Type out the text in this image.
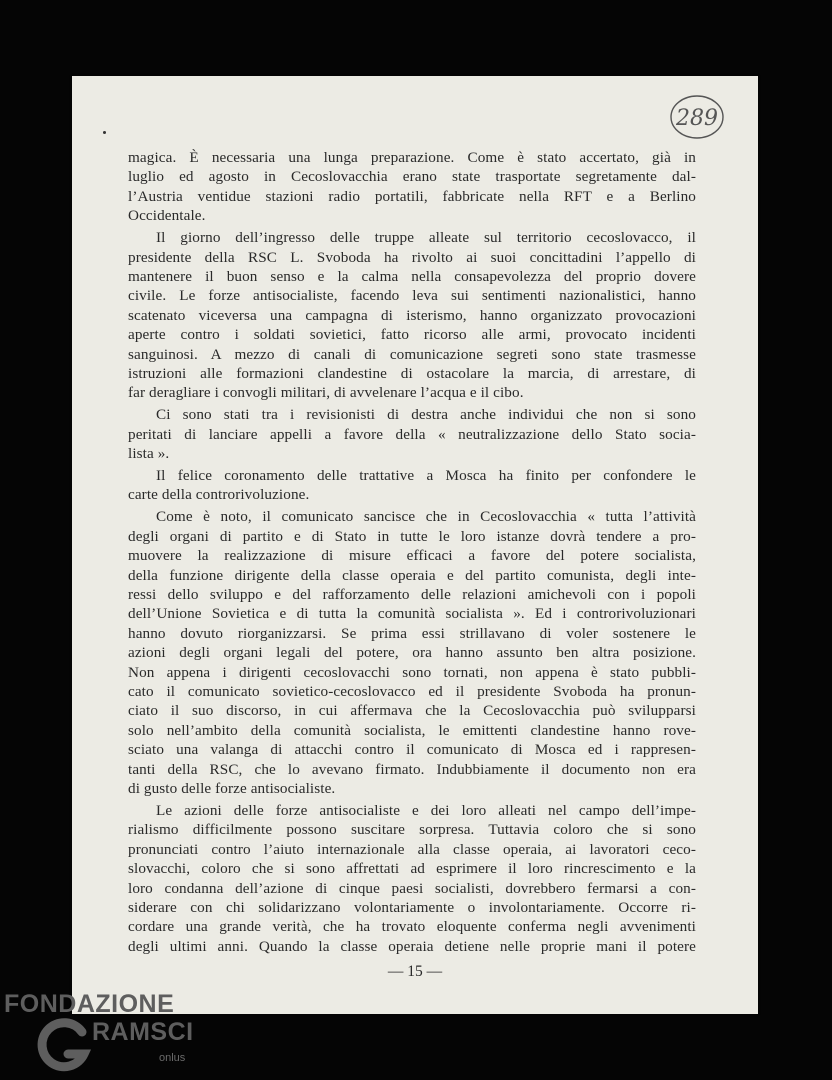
289
magica. È necessaria una lunga preparazione. Come è stato accertato, già in
luglio ed agosto in Cecoslovacchia erano state trasportate segretamente dal-
l’Austria ventidue stazioni radio portatili, fabbricate nella RFT e a Berlino
Occidentale.
Il giorno dell’ingresso delle truppe alleate sul territorio cecoslovacco, il
presidente della RSC L. Svoboda ha rivolto ai suoi concittadini l’appello di
mantenere il buon senso e la calma nella consapevolezza del proprio dovere
civile. Le forze antisocialiste, facendo leva sui sentimenti nazionalistici, hanno
scatenato viceversa una campagna di isterismo, hanno organizzato provocazioni
aperte contro i soldati sovietici, fatto ricorso alle armi, provocato incidenti
sanguinosi. A mezzo di canali di comunicazione segreti sono state trasmesse
istruzioni alle formazioni clandestine di ostacolare la marcia, di arrestare, di
far deragliare i convogli militari, di avvelenare l’acqua e il cibo.
Ci sono stati tra i revisionisti di destra anche individui che non si sono
peritati di lanciare appelli a favore della « neutralizzazione dello Stato socia-
lista ».
Il felice coronamento delle trattative a Mosca ha finito per confondere le
carte della controrivoluzione.
Come è noto, il comunicato sancisce che in Cecoslovacchia « tutta l’attività
degli organi di partito e di Stato in tutte le loro istanze dovrà tendere a pro-
muovere la realizzazione di misure efficaci a favore del potere socialista,
della funzione dirigente della classe operaia e del partito comunista, degli inte-
ressi dello sviluppo e del rafforzamento delle relazioni amichevoli con i popoli
dell’Unione Sovietica e di tutta la comunità socialista ». Ed i controrivoluzionari
hanno dovuto riorganizzarsi. Se prima essi strillavano di voler sostenere le
azioni degli organi legali del potere, ora hanno assunto ben altra posizione.
Non appena i dirigenti cecoslovacchi sono tornati, non appena è stato pubbli-
cato il comunicato sovietico-cecoslovacco ed il presidente Svoboda ha pronun-
ciato il suo discorso, in cui affermava che la Cecoslovacchia può svilupparsi
solo nell’ambito della comunità socialista, le emittenti clandestine hanno rove-
sciato una valanga di attacchi contro il comunicato di Mosca ed i rappresen-
tanti della RSC, che lo avevano firmato. Indubbiamente il documento non era
di gusto delle forze antisocialiste.
Le azioni delle forze antisocialiste e dei loro alleati nel campo dell’impe-
rialismo difficilmente possono suscitare sorpresa. Tuttavia coloro che si sono
pronunciati contro l’aiuto internazionale alla classe operaia, ai lavoratori ceco-
slovacchi, coloro che si sono affrettati ad esprimere il loro rincrescimento e la
loro condanna dell’azione di cinque paesi socialisti, dovrebbero fermarsi a con-
siderare con chi solidarizzano volontariamente o involontariamente. Occorre ri-
cordare una grande verità, che ha trovato eloquente conferma negli avvenimenti
degli ultimi anni. Quando la classe operaia detiene nelle proprie mani il potere
— 15 —
FONDAZIONE
RAMSCI
onlus
